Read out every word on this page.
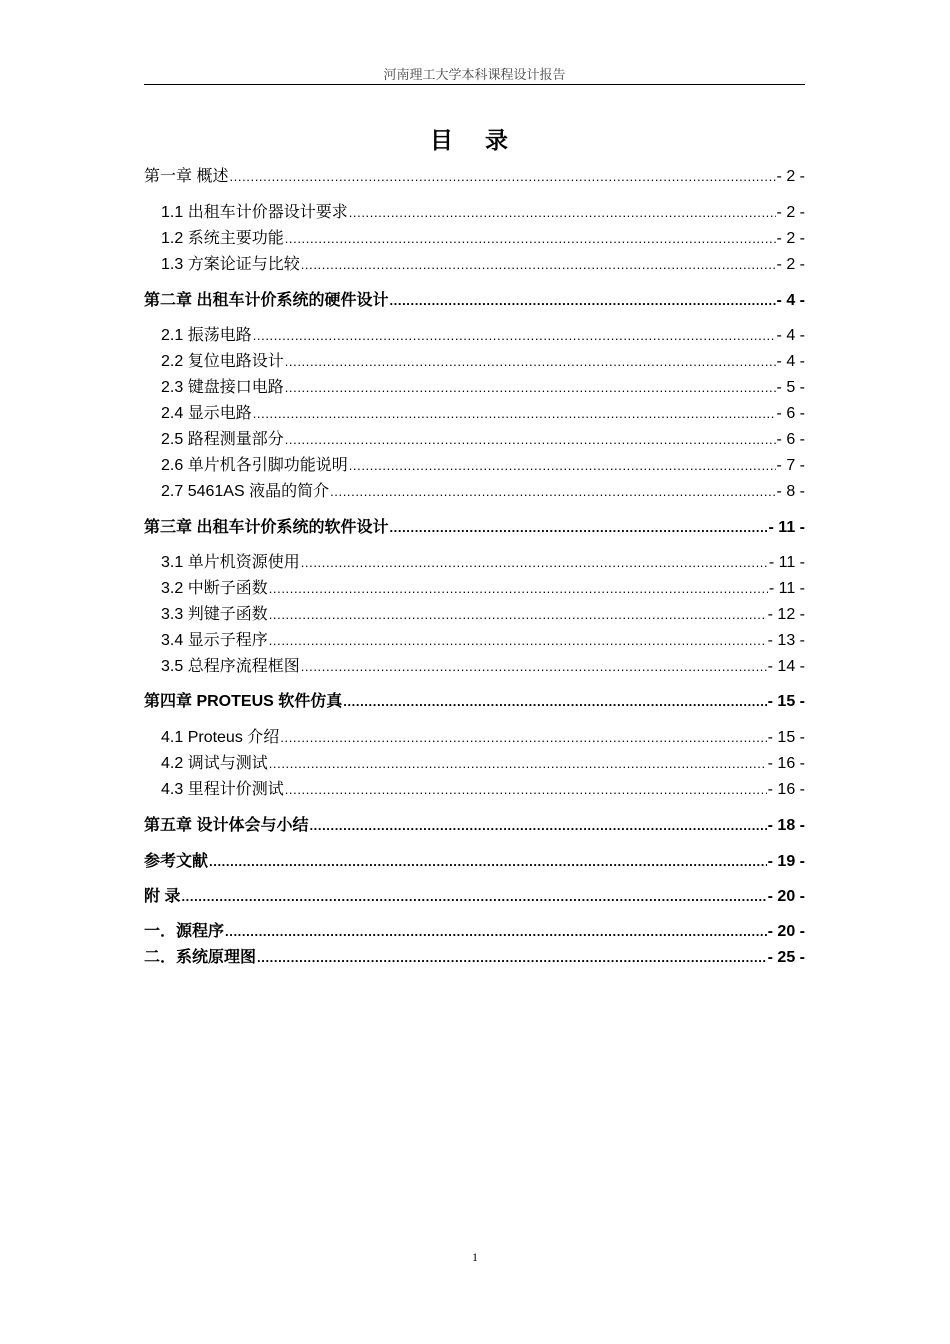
河南理工大学本科课程设计报告
目 录
第一章 概述 .....	- 2 -
1.1 出租车计价器设计要求 .....	- 2 -
1.2 系统主要功能 .....	- 2 -
1.3 方案论证与比较 .....	- 2 -
第二章 出租车计价系统的硬件设计 .....	- 4 -
2.1 振荡电路 .....	- 4 -
2.2 复位电路设计 .....	- 4 -
2.3 键盘接口电路 .....	- 5 -
2.4 显示电路 .....	- 6 -
2.5 路程测量部分 .....	- 6 -
2.6 单片机各引脚功能说明 .....	- 7 -
2.7 5461AS 液晶的简介 .....	- 8 -
第三章 出租车计价系统的软件设计 .....	- 11 -
3.1 单片机资源使用 .....	- 11 -
3.2 中断子函数 .....	- 11 -
3.3 判键子函数 .....	- 12 -
3.4 显示子程序 .....	- 13 -
3.5 总程序流程框图 .....	- 14 -
第四章 PROTEUS 软件仿真 .....	- 15 -
4.1 Proteus 介绍 .....	- 15 -
4.2 调试与测试 .....	- 16 -
4.3 里程计价测试 .....	- 16 -
第五章 设计体会与小结 .....	- 18 -
参考文献 .....	- 19 -
附 录 .....	- 20 -
一．源程序 .....	- 20 -
二．系统原理图 .....	- 25 -
1
